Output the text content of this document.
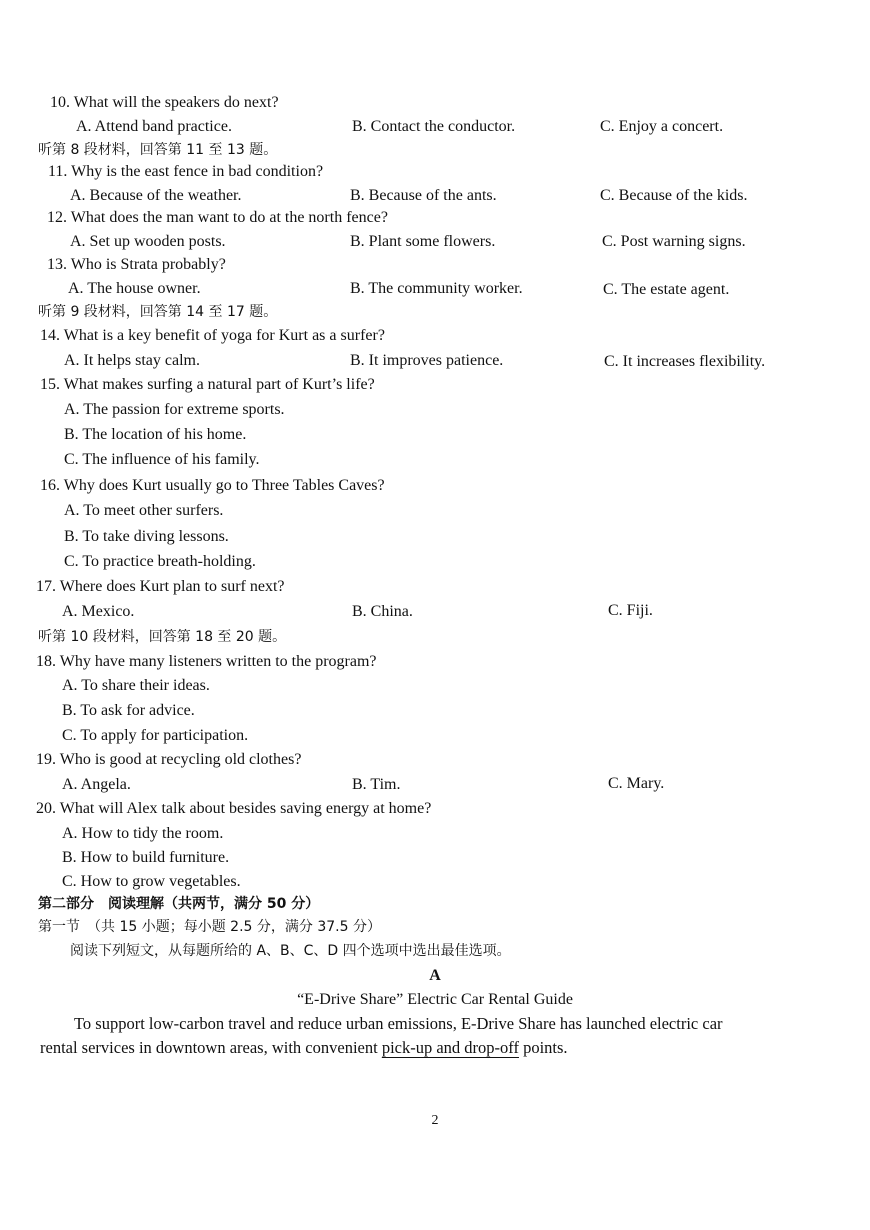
10. What will the speakers do next?
A. Attend band practice.	B. Contact the conductor.	C. Enjoy a concert.
听第 8 段材料，回答第 11 至 13 题。
11. Why is the east fence in bad condition?
A. Because of the weather.	B. Because of the ants.	C. Because of the kids.
12. What does the man want to do at the north fence?
A. Set up wooden posts.	B. Plant some flowers.	C. Post warning signs.
13. Who is Strata probably?
A. The house owner.	B. The community worker.	C. The estate agent.
听第 9 段材料，回答第 14 至 17 题。
14. What is a key benefit of yoga for Kurt as a surfer?
A. It helps stay calm.	B. It improves patience.	C. It increases flexibility.
15. What makes surfing a natural part of Kurt’s life?
A. The passion for extreme sports.
B. The location of his home.
C. The influence of his family.
16. Why does Kurt usually go to Three Tables Caves?
A. To meet other surfers.
B. To take diving lessons.
C. To practice breath-holding.
17. Where does Kurt plan to surf next?
A. Mexico.	B. China.	C. Fiji.
听第 10 段材料，回答第 18 至 20 题。
18. Why have many listeners written to the program?
A. To share their ideas.
B. To ask for advice.
C. To apply for participation.
19. Who is good at recycling old clothes?
A. Angela.	B. Tim.	C. Mary.
20. What will Alex talk about besides saving energy at home?
A. How to tidy the room.
B. How to build furniture.
C. How to grow vegetables.
第二部分　阅读理解（共两节，满分 50 分）
第一节　（共 15 小题；每小题 2.5 分，满分 37.5 分）
阅读下列短文，从每题所给的 A、B、C、D 四个选项中选出最佳选项。
A
“E-Drive Share” Electric Car Rental Guide
To support low-carbon travel and reduce urban emissions, E-Drive Share has launched electric car
rental services in downtown areas, with convenient pick-up and drop-off points.
2
